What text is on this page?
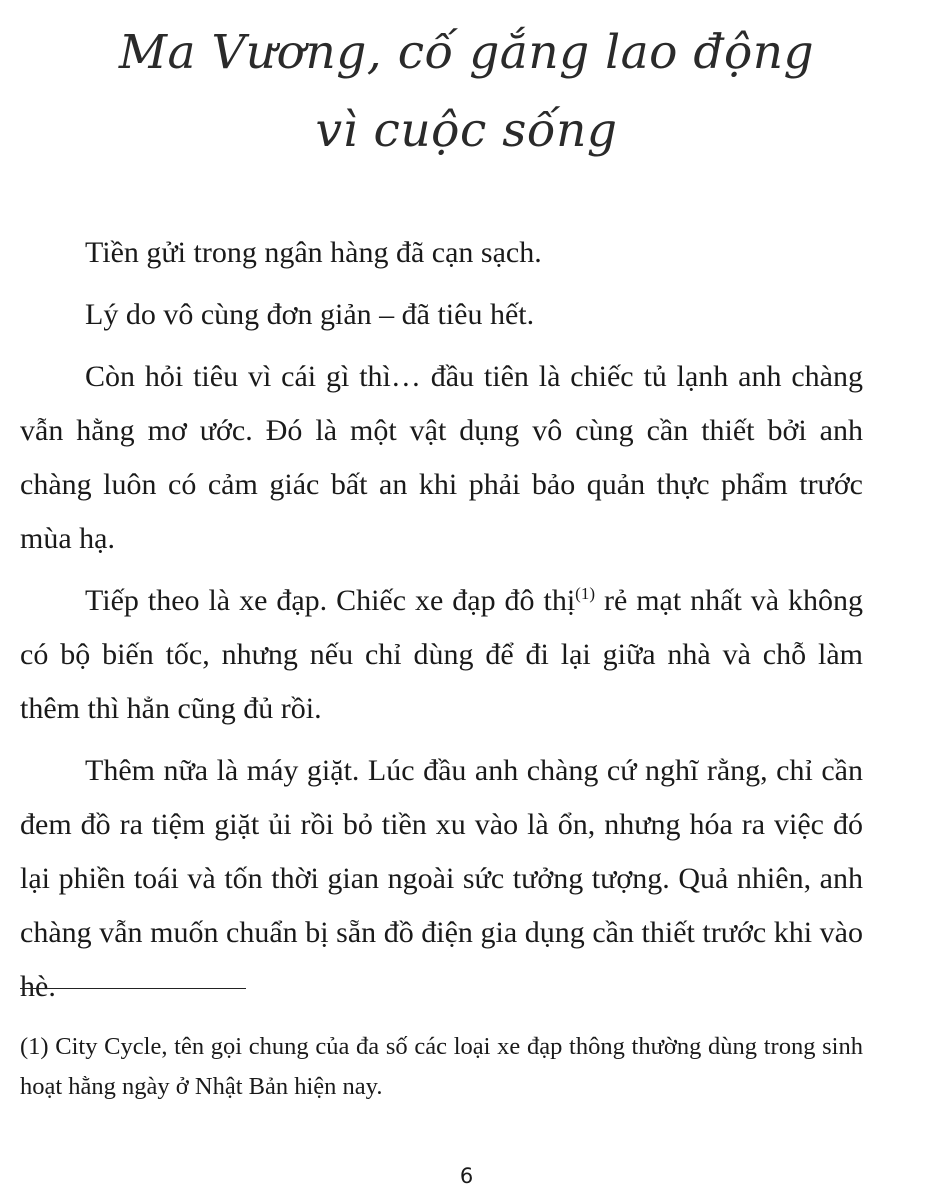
Ma Vương, cố gắng lao động
vì cuộc sống

Tiền gửi trong ngân hàng đã cạn sạch.

Lý do vô cùng đơn giản – đã tiêu hết.

Còn hỏi tiêu vì cái gì thì… đầu tiên là chiếc tủ lạnh anh chàng vẫn hằng mơ ước. Đó là một vật dụng vô cùng cần thiết bởi anh chàng luôn có cảm giác bất an khi phải bảo quản thực phẩm trước mùa hạ.

Tiếp theo là xe đạp. Chiếc xe đạp đô thị$^{(1)}$ rẻ mạt nhất và không có bộ biến tốc, nhưng nếu chỉ dùng để đi lại giữa nhà và chỗ làm thêm thì hẳn cũng đủ rồi.

Thêm nữa là máy giặt. Lúc đầu anh chàng cứ nghĩ rằng, chỉ cần đem đồ ra tiệm giặt ủi rồi bỏ tiền xu vào là ổn, nhưng hóa ra việc đó lại phiền toái và tốn thời gian ngoài sức tưởng tượng. Quả nhiên, anh chàng vẫn muốn chuẩn bị sẵn đồ điện gia dụng cần thiết trước khi vào hè.

(1) City Cycle, tên gọi chung của đa số các loại xe đạp thông thường dùng trong sinh hoạt hằng ngày ở Nhật Bản hiện nay.
6
